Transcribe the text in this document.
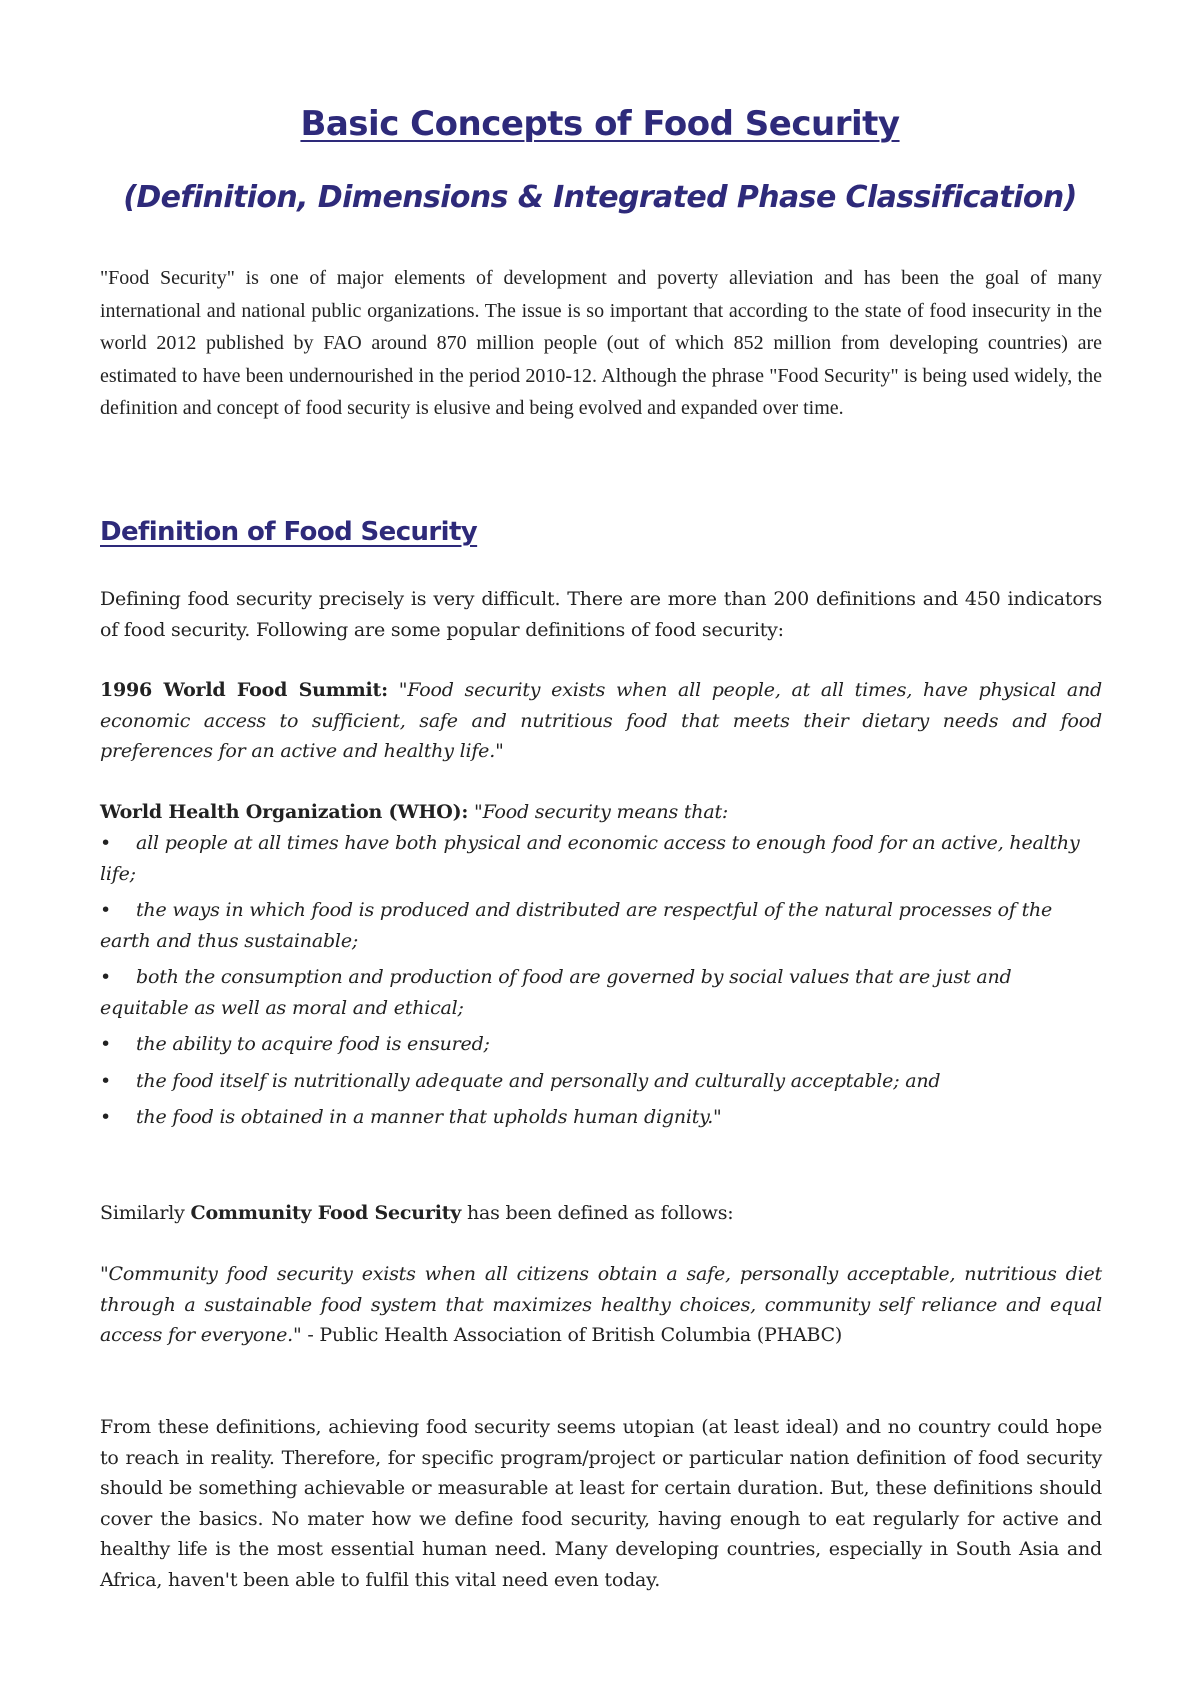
Basic Concepts of Food Security
(Definition, Dimensions & Integrated Phase Classification)

"Food Security" is one of major elements of development and poverty alleviation and has been the goal of many international and national public organizations. The issue is so important that according to the state of food insecurity in the world 2012 published by FAO around 870 million people (out of which 852 million from developing countries) are estimated to have been undernourished in the period 2010-12. Although the phrase "Food Security" is being used widely, the definition and concept of food security is elusive and being evolved and expanded over time.

Definition of Food Security

Defining food security precisely is very difficult. There are more than 200 definitions and 450 indicators of food security. Following are some popular definitions of food security:

1996 World Food Summit: "Food security exists when all people, at all times, have physical and economic access to sufficient, safe and nutritious food that meets their dietary needs and food preferences for an active and healthy life."

World Health Organization (WHO): "Food security means that:

• all people at all times have both physical and economic access to enough food for an active, healthy life;
• the ways in which food is produced and distributed are respectful of the natural processes of the earth and thus sustainable;
• both the consumption and production of food are governed by social values that are just and equitable as well as moral and ethical;
• the ability to acquire food is ensured;
• the food itself is nutritionally adequate and personally and culturally acceptable; and
• the food is obtained in a manner that upholds human dignity."

Similarly Community Food Security has been defined as follows:

"Community food security exists when all citizens obtain a safe, personally acceptable, nutritious diet through a sustainable food system that maximizes healthy choices, community self reliance and equal access for everyone." - Public Health Association of British Columbia (PHABC)

From these definitions, achieving food security seems utopian (at least ideal) and no country could hope to reach in reality. Therefore, for specific program/project or particular nation definition of food security should be something achievable or measurable at least for certain duration. But, these definitions should cover the basics. No mater how we define food security, having enough to eat regularly for active and healthy life is the most essential human need. Many developing countries, especially in South Asia and Africa, haven't been able to fulfil this vital need even today.
